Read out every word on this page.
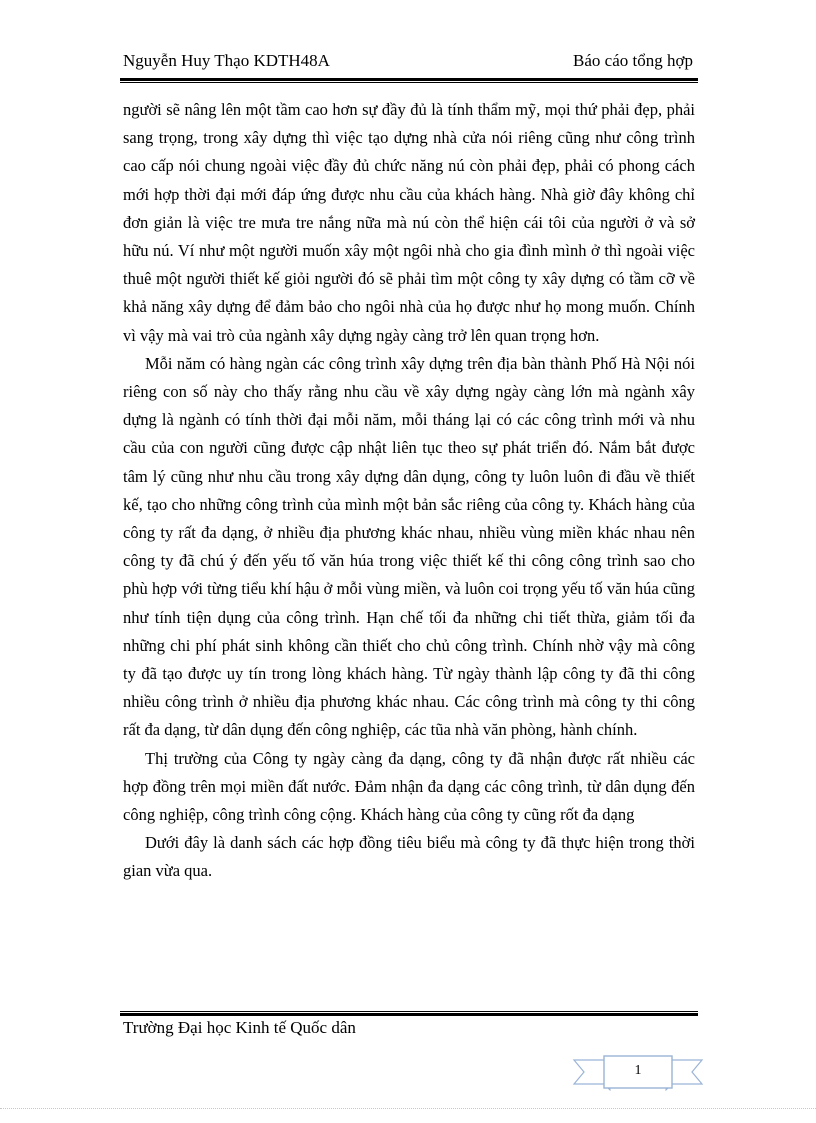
Nguyễn Huy Thạo KDTH48A	Báo cáo tổng hợp

người sẽ nâng lên một tầm cao hơn sự đầy đủ là tính thẩm mỹ, mọi thứ phải đẹp, phải sang trọng, trong xây dựng thì việc tạo dựng nhà cửa nói riêng cũng như công trình cao cấp nói chung ngoài việc đầy đủ chức năng nú còn phải đẹp, phải có phong cách mới hợp thời đại mới đáp ứng được nhu cầu của khách hàng. Nhà giờ đây không chỉ đơn giản là việc tre mưa tre nắng nữa mà nú còn thể hiện cái tôi của người ở và sở hữu nú. Ví như một người muốn xây một ngôi nhà cho gia đình mình ở thì ngoài việc thuê một người thiết kế giỏi người đó sẽ phải tìm một công ty xây dựng có tầm cỡ về khả năng xây dựng để đảm bảo cho ngôi nhà của họ được như họ mong muốn. Chính vì vậy mà vai trò của ngành xây dựng ngày càng trở lên quan trọng hơn.

Mỗi năm có hàng ngàn các công trình xây dựng trên địa bàn thành Phố Hà Nội nói riêng con số này cho thấy rằng nhu cầu về xây dựng ngày càng lớn mà ngành xây dựng là ngành có tính thời đại mỗi năm, mỗi tháng lại có các công trình mới và nhu cầu của con người cũng được cập nhật liên tục theo sự phát triển đó. Nắm bắt được tâm lý cũng như nhu cầu trong xây dựng dân dụng, công ty luôn luôn đi đầu về thiết kế, tạo cho những công trình của mình một bản sắc riêng của công ty. Khách hàng của công ty rất đa dạng, ở nhiều địa phương khác nhau, nhiều vùng miền khác nhau nên công ty đã chú ý đến yếu tố văn húa trong việc thiết kế thi công công trình sao cho phù hợp với từng tiểu khí hậu ở mỗi vùng miền, và luôn coi trọng yếu tố văn húa cũng như tính tiện dụng của công trình. Hạn chế tối đa những chi tiết thừa, giảm tối đa những chi phí phát sinh không cần thiết cho chủ công trình. Chính nhờ vậy mà công ty đã tạo được uy tín trong lòng khách hàng. Từ ngày thành lập công ty đã thi công nhiều công trình ở nhiều địa phương khác nhau. Các công trình mà công ty thi công rất đa dạng, từ dân dụng đến công nghiệp, các tũa nhà văn phòng, hành chính.

Thị trường của Công ty ngày càng đa dạng, công ty đã nhận được rất nhiều các hợp đồng trên mọi miền đất nước. Đảm nhận đa dạng các công trình, từ dân dụng đến công nghiệp, công trình công cộng. Khách hàng của công ty cũng rốt đa dạng

Dưới đây là danh sách các hợp đồng tiêu biểu mà công ty đã thực hiện trong thời gian vừa qua.

Trường Đại học Kinh tế Quốc dân
1
